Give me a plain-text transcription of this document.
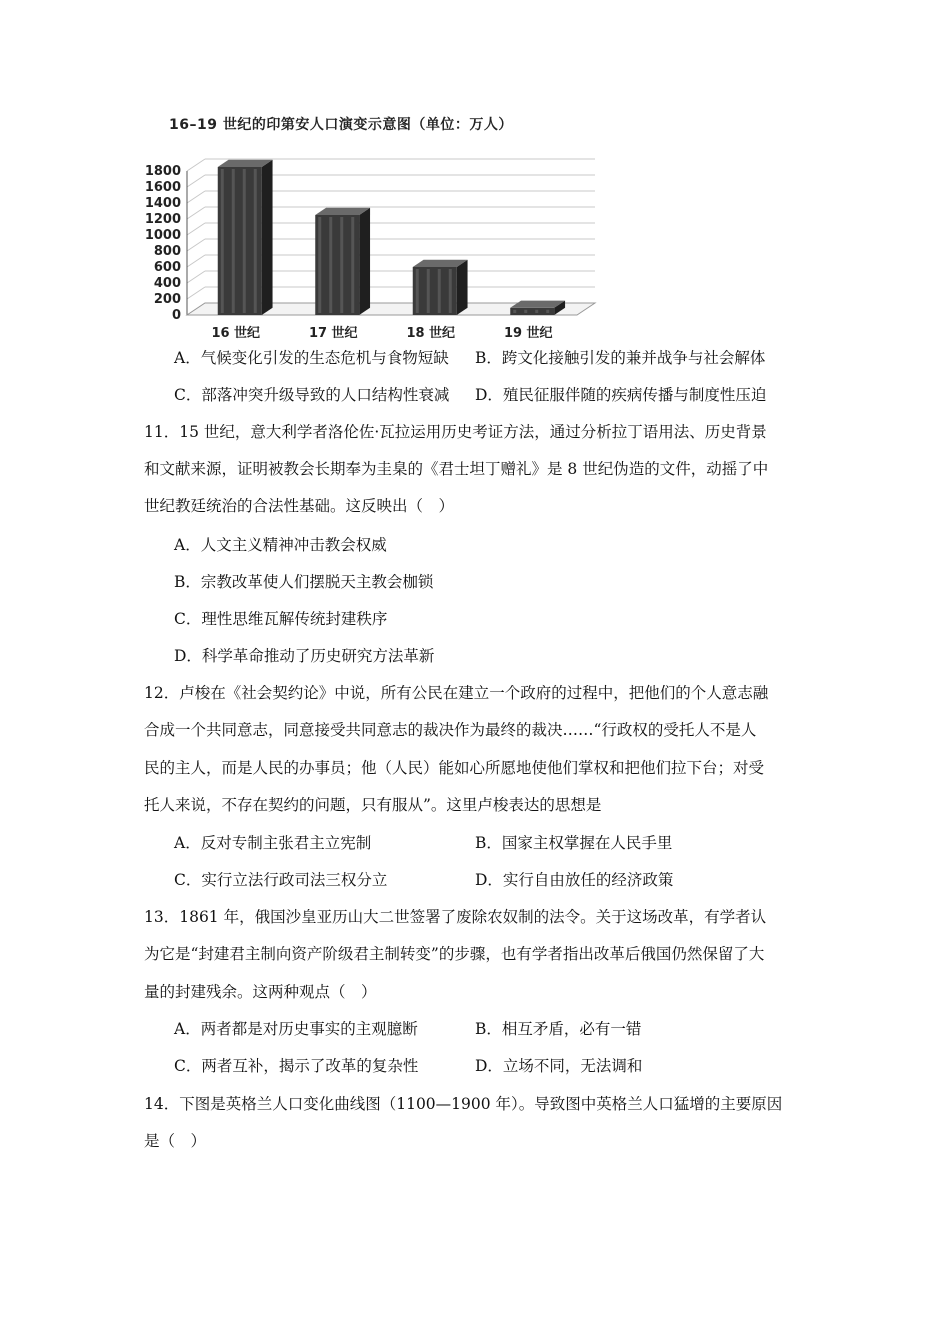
16–19 世纪的印第安人口演变示意图（单位：万人）
0
200
400
600
800
1000
1200
1400
1600
1800
16 世纪	17 世纪	18 世纪	19 世纪
A．气候变化引发的生态危机与食物短缺 B．跨文化接触引发的兼并战争与社会解体
C．部落冲突升级导致的人口结构性衰减 D．殖民征服伴随的疾病传播与制度性压迫
11．15 世纪，意大利学者洛伦佐·瓦拉运用历史考证方法，通过分析拉丁语用法、历史背景
和文献来源，证明被教会长期奉为圭臬的《君士坦丁赠礼》是 8 世纪伪造的文件，动摇了中
世纪教廷统治的合法性基础。这反映出（　）
A．人文主义精神冲击教会权威
B．宗教改革使人们摆脱天主教会枷锁
C．理性思维瓦解传统封建秩序
D．科学革命推动了历史研究方法革新
12．卢梭在《社会契约论》中说，所有公民在建立一个政府的过程中，把他们的个人意志融
合成一个共同意志，同意接受共同意志的裁决作为最终的裁决……“行政权的受托人不是人
民的主人，而是人民的办事员；他（人民）能如心所愿地使他们掌权和把他们拉下台；对受
托人来说，不存在契约的问题，只有服从”。这里卢梭表达的思想是
A．反对专制主张君主立宪制	B．国家主权掌握在人民手里
C．实行立法行政司法三权分立	D．实行自由放任的经济政策
13．1861 年，俄国沙皇亚历山大二世签署了废除农奴制的法令。关于这场改革，有学者认
为它是“封建君主制向资产阶级君主制转变”的步骤，也有学者指出改革后俄国仍然保留了大
量的封建残余。这两种观点（　）
A．两者都是对历史事实的主观臆断	B．相互矛盾，必有一错
C．两者互补，揭示了改革的复杂性	D．立场不同，无法调和
14．下图是英格兰人口变化曲线图（1100—1900 年）。导致图中英格兰人口猛增的主要原因
是（　）
